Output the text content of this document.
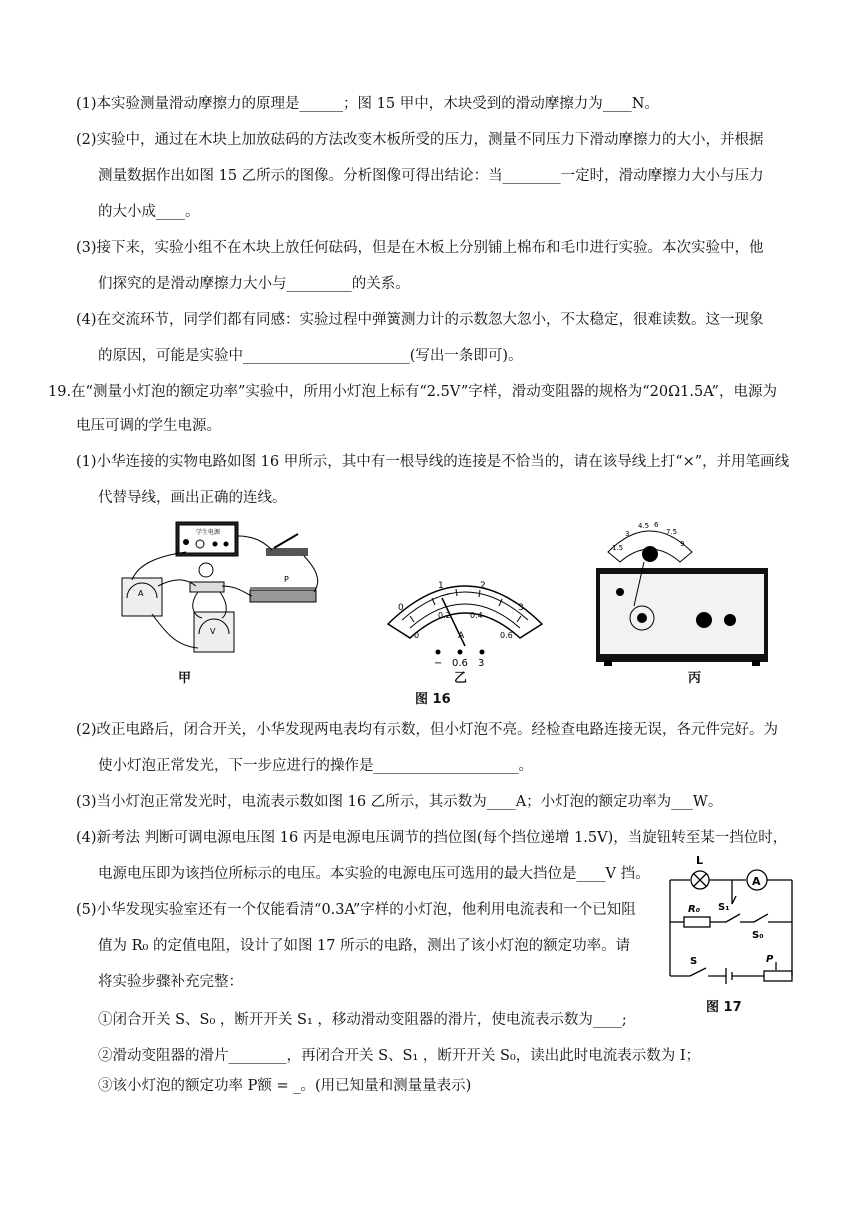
(1)本实验测量滑动摩擦力的原理是______；图 15 甲中，木块受到的滑动摩擦力为____N。
(2)实验中，通过在木块上加放砝码的方法改变木板所受的压力，测量不同压力下滑动摩擦力的大小，并根据
测量数据作出如图 15 乙所示的图像。分析图像可得出结论：当________一定时，滑动摩擦力大小与压力
的大小成____。
(3)接下来，实验小组不在木块上放任何砝码，但是在木板上分别铺上棉布和毛巾进行实验。本次实验中，他
们探究的是滑动摩擦力大小与_________的关系。
(4)在交流环节，同学们都有同感：实验过程中弹簧测力计的示数忽大忽小，不太稳定，很难读数。这一现象
的原因，可能是实验中_______________________(写出一条即可)。
19.在“测量小灯泡的额定功率”实验中，所用小灯泡上标有“2.5V”字样，滑动变阻器的规格为“20Ω1.5A”，电源为
电压可调的学生电源。
(1)小华连接的实物电路如图 16 甲所示，其中有一根导线的连接是不恰当的，请在该导线上打“×”，并用笔画线
代替导线，画出正确的连线。
学生电源
A
P
V
甲
0
1	2
3
0
0.2 0.4
0.6
A
− 0.6 3
乙
图 16
1.5
3
4.5 6
7.5
9
丙
(2)改正电路后，闭合开关，小华发现两电表均有示数，但小灯泡不亮。经检查电路连接无误，各元件完好。为
使小灯泡正常发光，下一步应进行的操作是____________________。
(3)当小灯泡正常发光时，电流表示数如图 16 乙所示，其示数为____A；小灯泡的额定功率为___W。
(4)新考法 判断可调电源电压图 16 丙是电源电压调节的挡位图(每个挡位递增 1.5V)，当旋钮转至某一挡位时，
电源电压即为该挡位所标示的电压。本实验的电源电压可选用的最大挡位是____V 挡。
(5)小华发现实验室还有一个仅能看清“0.3A”字样的小灯泡，他利用电流表和一个已知阻
值为 R₀ 的定值电阻，设计了如图 17 所示的电路，测出了该小灯泡的额定功率。请
将实验步骤补充完整：
①闭合开关 S、S₀ ，断开开关 S₁ ，移动滑动变阻器的滑片，使电流表示数为____;
②滑动变阻器的滑片________，再闭合开关 S、S₁ ，断开开关 S₀，读出此时电流表示数为 I；
③该小灯泡的额定功率 P额 = _。(用已知量和测量量表示)
L
A
R₀ S₁
S₀
S	P
图 17
